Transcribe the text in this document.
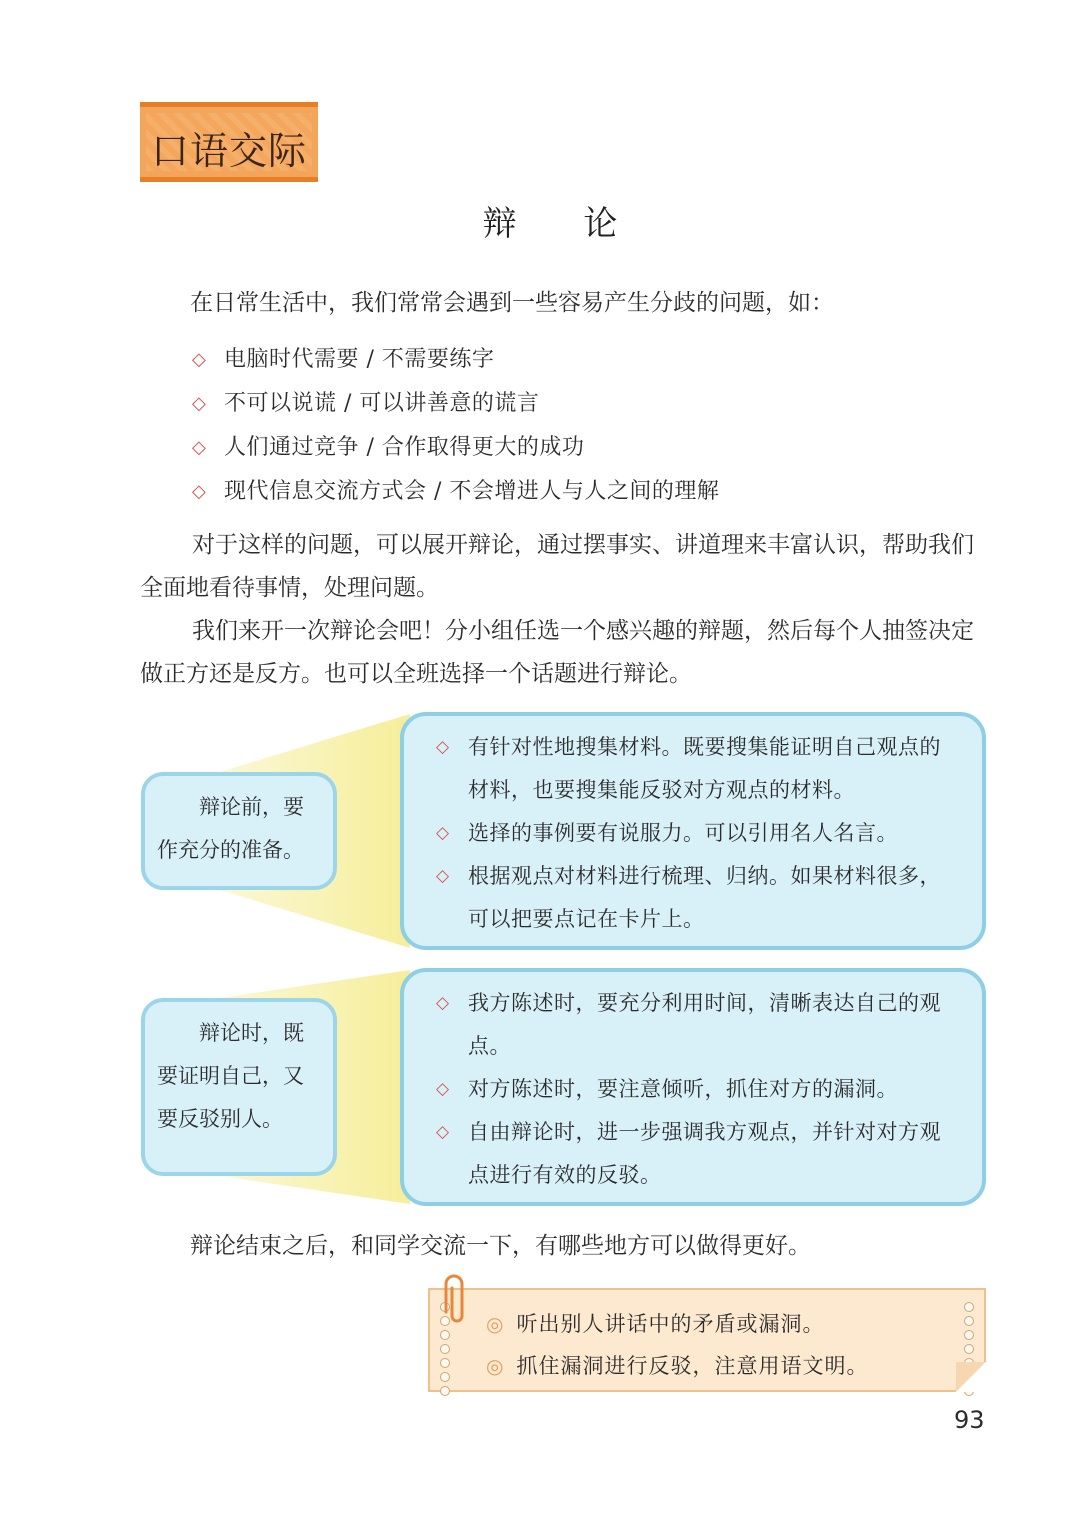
口语交际
辩 论
在日常生活中，我们常常会遇到一些容易产生分歧的问题，如：
◇ 电脑时代需要 / 不需要练字
◇ 不可以说谎 / 可以讲善意的谎言
◇ 人们通过竞争 / 合作取得更大的成功
◇ 现代信息交流方式会 / 不会增进人与人之间的理解
对于这样的问题，可以展开辩论，通过摆事实、讲道理来丰富认识，帮助我们全面地看待事情，处理问题。
我们来开一次辩论会吧！分小组任选一个感兴趣的辩题，然后每个人抽签决定做正方还是反方。也可以全班选择一个话题进行辩论。
辩论前，要作充分的准备。
◇ 有针对性地搜集材料。既要搜集能证明自己观点的材料，也要搜集能反驳对方观点的材料。
◇ 选择的事例要有说服力。可以引用名人名言。
◇ 根据观点对材料进行梳理、归纳。如果材料很多，可以把要点记在卡片上。
辩论时，既要证明自己，又要反驳别人。
◇ 我方陈述时，要充分利用时间，清晰表达自己的观点。
◇ 对方陈述时，要注意倾听，抓住对方的漏洞。
◇ 自由辩论时，进一步强调我方观点，并针对对方观点进行有效的反驳。
辩论结束之后，和同学交流一下，有哪些地方可以做得更好。
◎ 听出别人讲话中的矛盾或漏洞。
◎ 抓住漏洞进行反驳，注意用语文明。
93
